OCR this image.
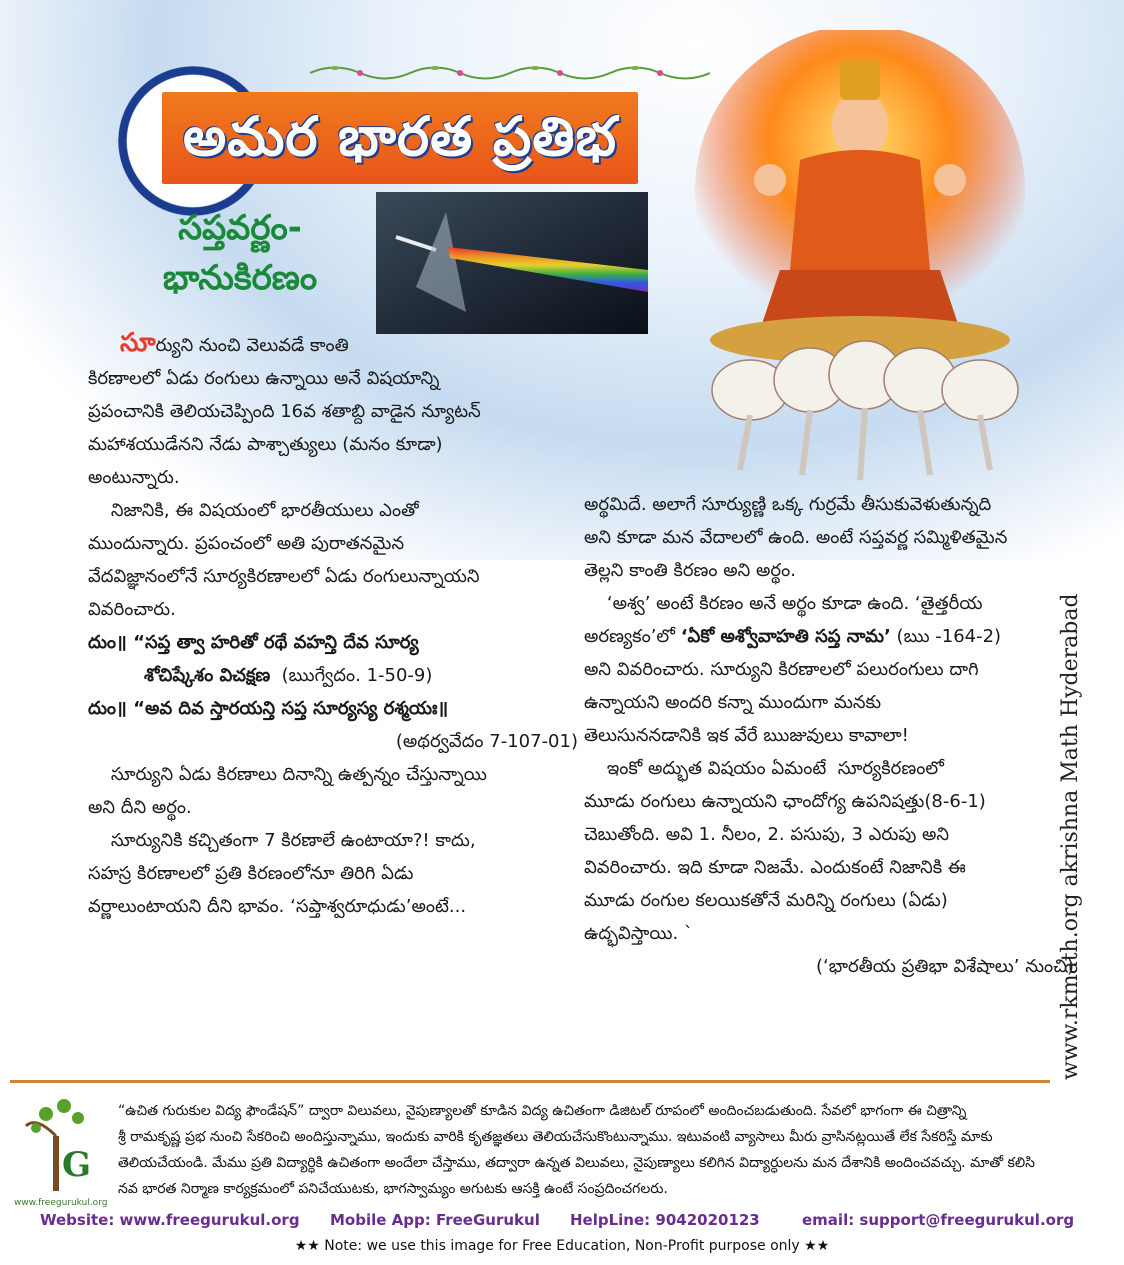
అమర భారత ప్రతిభ
సప్తవర్ణం-
భానుకిరణం
సూర్యుని నుంచి వెలువడే కాంతి
కిరణాలలో ఏడు రంగులు ఉన్నాయి అనే విషయాన్ని
ప్రపంచానికి తెలియచెప్పింది 16వ శతాబ్ది వాడైన న్యూటన్
మహాశయుడేనని నేడు పాశ్చాత్యులు (మనం కూడా)
అంటున్నారు.
నిజానికి, ఈ విషయంలో భారతీయులు ఎంతో
ముందున్నారు. ప్రపంచంలో అతి పురాతనమైన
వేదవిజ్ఞానంలోనే సూర్యకిరణాలలో ఏడు రంగులున్నాయని
వివరించారు.
దుం॥ “సప్త త్వా హరితో రథే వహన్తి దేవ సూర్య
శోచిష్కేశం విచక్షణ  (ఋగ్వేదం. 1-50-9)
దుం॥ “అవ దివ స్తారయన్తి సప్త సూర్యస్య రశ్మయః॥
(అథర్వవేదం 7-107-01)
సూర్యుని ఏడు కిరణాలు దినాన్ని ఉత్పన్నం చేస్తున్నాయి
అని దీని అర్థం.
సూర్యునికి కచ్చితంగా 7 కిరణాలే ఉంటాయా?! కాదు,
సహస్ర కిరణాలలో ప్రతి కిరణంలోనూ తిరిగి ఏడు
వర్ణాలుంటాయని దీని భావం. ‘సప్తాశ్వరూధుడు’అంటే...
అర్థమిదే. అలాగే సూర్యుణ్ణి ఒక్క గుర్రమే తీసుకువెళుతున్నది
అని కూడా మన వేదాలలో ఉంది. అంటే సప్తవర్ణ సమ్మిళితమైన
తెల్లని కాంతి కిరణం అని అర్థం.
‘అశ్వ’ అంటే కిరణం అనే అర్థం కూడా ఉంది. ‘తైత్తరీయ
అరణ్యకం’లో ‘ఏకో అశ్వోవాహతి సప్త నామ’ (ఋ -164-2)
అని వివరించారు. సూర్యుని కిరణాలలో పలురంగులు దాగి
ఉన్నాయని అందరి కన్నా ముందుగా మనకు
తెలుసుననడానికి ఇక వేరే ఋజువులు కావాలా!
ఇంకో అద్భుత విషయం ఏమంటే  సూర్యకిరణంలో
మూడు రంగులు ఉన్నాయని ఛాందోగ్య ఉపనిషత్తు(8-6-1)
చెబుతోంది. అవి 1. నీలం, 2. పసుపు, 3 ఎరుపు అని
వివరించారు. ఇది కూడా నిజమే. ఎందుకంటే నిజానికి ఈ
మూడు రంగుల కలయికతోనే మరిన్ని రంగులు (ఏడు)
ఉద్భవిస్తాయి. ˋ
(‘భారతీయ ప్రతిభా విశేషాలు’ నుంచి)
www.rkmath.org akrishna Math Hyderabad
G
www.freegurukul.org
“ఉచిత గురుకుల విద్య ఫౌండేషన్” ద్వారా విలువలు, నైపుణ్యాలతో కూడిన విద్య ఉచితంగా డిజిటల్ రూపంలో అందించబడుతుంది. సేవలో భాగంగా ఈ చిత్రాన్ని
శ్రీ రామకృష్ణ ప్రభ నుంచి సేకరించి అందిస్తున్నాము, ఇందుకు వారికి కృతజ్ఞతలు తెలియచేసుకొంటున్నాము. ఇటువంటి వ్యాసాలు మీరు వ్రాసినట్లయితే లేక సేకరిస్తే మాకు
తెలియచేయండి. మేము ప్రతి విద్యార్ధికి ఉచితంగా అందేలా చేస్తాము, తద్వారా ఉన్నత విలువలు, నైపుణ్యాలు కలిగిన విద్యార్ధులను మన దేశానికి అందించవచ్చు. మాతో కలిసి
నవ భారత నిర్మాణ కార్యక్రమంలో పనిచేయుటకు, భాగస్వామ్యం అగుటకు ఆసక్తి ఉంటే సంప్రదించగలరు.
Website: www.freegurukul.org Mobile App: FreeGurukul HelpLine: 9042020123	email: support@freegurukul.org
★★ Note: we use this image for Free Education, Non-Profit purpose only ★★
